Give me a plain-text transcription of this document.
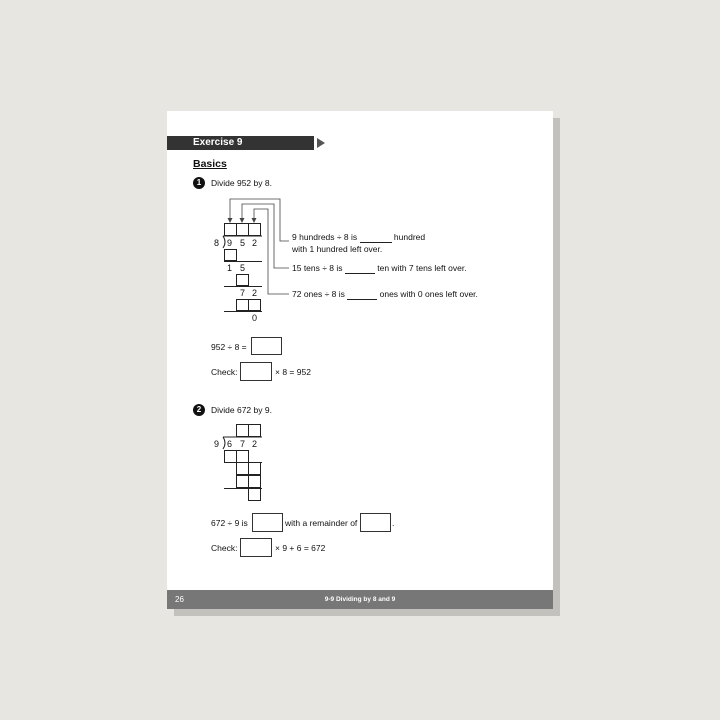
Exercise 9
Basics
1	Divide 952 by 8.
8 9 5 2
1 5
7 2
0
9 hundreds ÷ 8 is	hundred
with 1 hundred left over.
15 tens ÷ 8 is	ten with 7 tens left over.
72 ones ÷ 8 is	ones with 0 ones left over.
952 ÷ 8 =
Check:	× 8 = 952
2	Divide 672 by 9.
9 6 7 2
672 ÷ 9 is	with a remainder of	.
Check:	× 9 + 6 = 672
26	9-9 Dividing by 8 and 9
